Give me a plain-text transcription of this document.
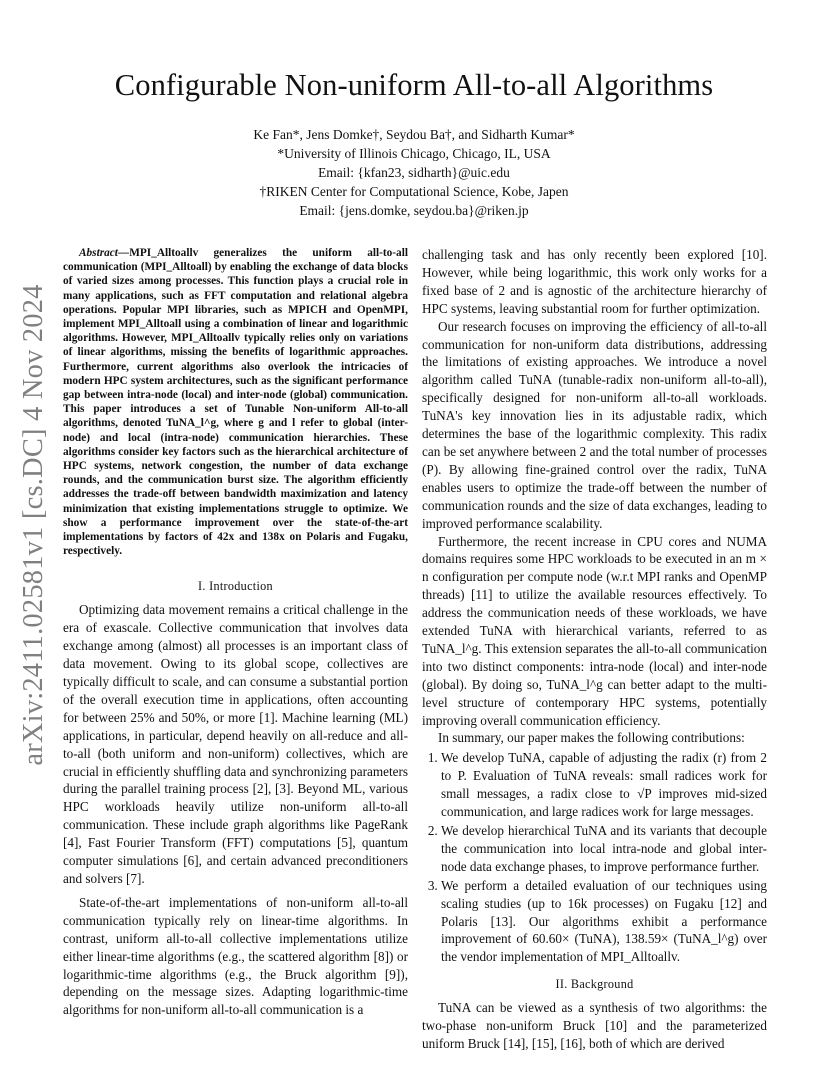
arXiv:2411.02581v1 [cs.DC] 4 Nov 2024
Configurable Non-uniform All-to-all Algorithms
Ke Fan*, Jens Domke†, Seydou Ba†, and Sidharth Kumar*
*University of Illinois Chicago, Chicago, IL, USA
Email: {kfan23, sidharth}@uic.edu
†RIKEN Center for Computational Science, Kobe, Japen
Email: {jens.domke, seydou.ba}@riken.jp

Abstract—MPI_Alltoallv generalizes the uniform all-to-all communication (MPI_Alltoall) by enabling the exchange of data blocks of varied sizes among processes. This function plays a crucial role in many applications, such as FFT computation and relational algebra operations. Popular MPI libraries, such as MPICH and OpenMPI, implement MPI_Alltoall using a combination of linear and logarithmic algorithms. However, MPI_Alltoallv typically relies only on variations of linear algorithms, missing the benefits of logarithmic approaches. Furthermore, current algorithms also overlook the intricacies of modern HPC system architectures, such as the significant performance gap between intra-node (local) and inter-node (global) communication. This paper introduces a set of Tunable Non-uniform All-to-all algorithms, denoted TuNA_l^g, where g and l refer to global (inter-node) and local (intra-node) communication hierarchies. These algorithms consider key factors such as the hierarchical architecture of HPC systems, network congestion, the number of data exchange rounds, and the communication burst size. The algorithm efficiently addresses the trade-off between bandwidth maximization and latency minimization that existing implementations struggle to optimize. We show a performance improvement over the state-of-the-art implementations by factors of 42x and 138x on Polaris and Fugaku, respectively.

I. Introduction

Optimizing data movement remains a critical challenge in the era of exascale. Collective communication that involves data exchange among (almost) all processes is an important class of data movement. Owing to its global scope, collectives are typically difficult to scale, and can consume a substantial portion of the overall execution time in applications, often accounting for between 25% and 50%, or more [1]. Machine learning (ML) applications, in particular, depend heavily on all-reduce and all-to-all (both uniform and non-uniform) collectives, which are crucial in efficiently shuffling data and synchronizing parameters during the parallel training process [2], [3]. Beyond ML, various HPC workloads heavily utilize non-uniform all-to-all communication. These include graph algorithms like PageRank [4], Fast Fourier Transform (FFT) computations [5], quantum computer simulations [6], and certain advanced preconditioners and solvers [7].

State-of-the-art implementations of non-uniform all-to-all communication typically rely on linear-time algorithms. In contrast, uniform all-to-all collective implementations utilize either linear-time algorithms (e.g., the scattered algorithm [8]) or logarithmic-time algorithms (e.g., the Bruck algorithm [9]), depending on the message sizes. Adapting logarithmic-time algorithms for non-uniform all-to-all communication is a

challenging task and has only recently been explored [10]. However, while being logarithmic, this work only works for a fixed base of 2 and is agnostic of the architecture hierarchy of HPC systems, leaving substantial room for further optimization.

Our research focuses on improving the efficiency of all-to-all communication for non-uniform data distributions, addressing the limitations of existing approaches. We introduce a novel algorithm called TuNA (tunable-radix non-uniform all-to-all), specifically designed for non-uniform all-to-all workloads. TuNA's key innovation lies in its adjustable radix, which determines the base of the logarithmic complexity. This radix can be set anywhere between 2 and the total number of processes (P). By allowing fine-grained control over the radix, TuNA enables users to optimize the trade-off between the number of communication rounds and the size of data exchanges, leading to improved performance scalability.

Furthermore, the recent increase in CPU cores and NUMA domains requires some HPC workloads to be executed in an m × n configuration per compute node (w.r.t MPI ranks and OpenMP threads) [11] to utilize the available resources effectively. To address the communication needs of these workloads, we have extended TuNA with hierarchical variants, referred to as TuNA_l^g. This extension separates the all-to-all communication into two distinct components: intra-node (local) and inter-node (global). By doing so, TuNA_l^g can better adapt to the multi-level structure of contemporary HPC systems, potentially improving overall communication efficiency.

In summary, our paper makes the following contributions:

1. We develop TuNA, capable of adjusting the radix (r) from 2 to P. Evaluation of TuNA reveals: small radices work for small messages, a radix close to √P improves mid-sized communication, and large radices work for large messages.
2. We develop hierarchical TuNA and its variants that decouple the communication into local intra-node and global inter-node data exchange phases, to improve performance further.
3. We perform a detailed evaluation of our techniques using scaling studies (up to 16k processes) on Fugaku [12] and Polaris [13]. Our algorithms exhibit a performance improvement of 60.60× (TuNA), 138.59× (TuNA_l^g) over the vendor implementation of MPI_Alltoallv.
II. Background

TuNA can be viewed as a synthesis of two algorithms: the two-phase non-uniform Bruck [10] and the parameterized uniform Bruck [14], [15], [16], both of which are derived
